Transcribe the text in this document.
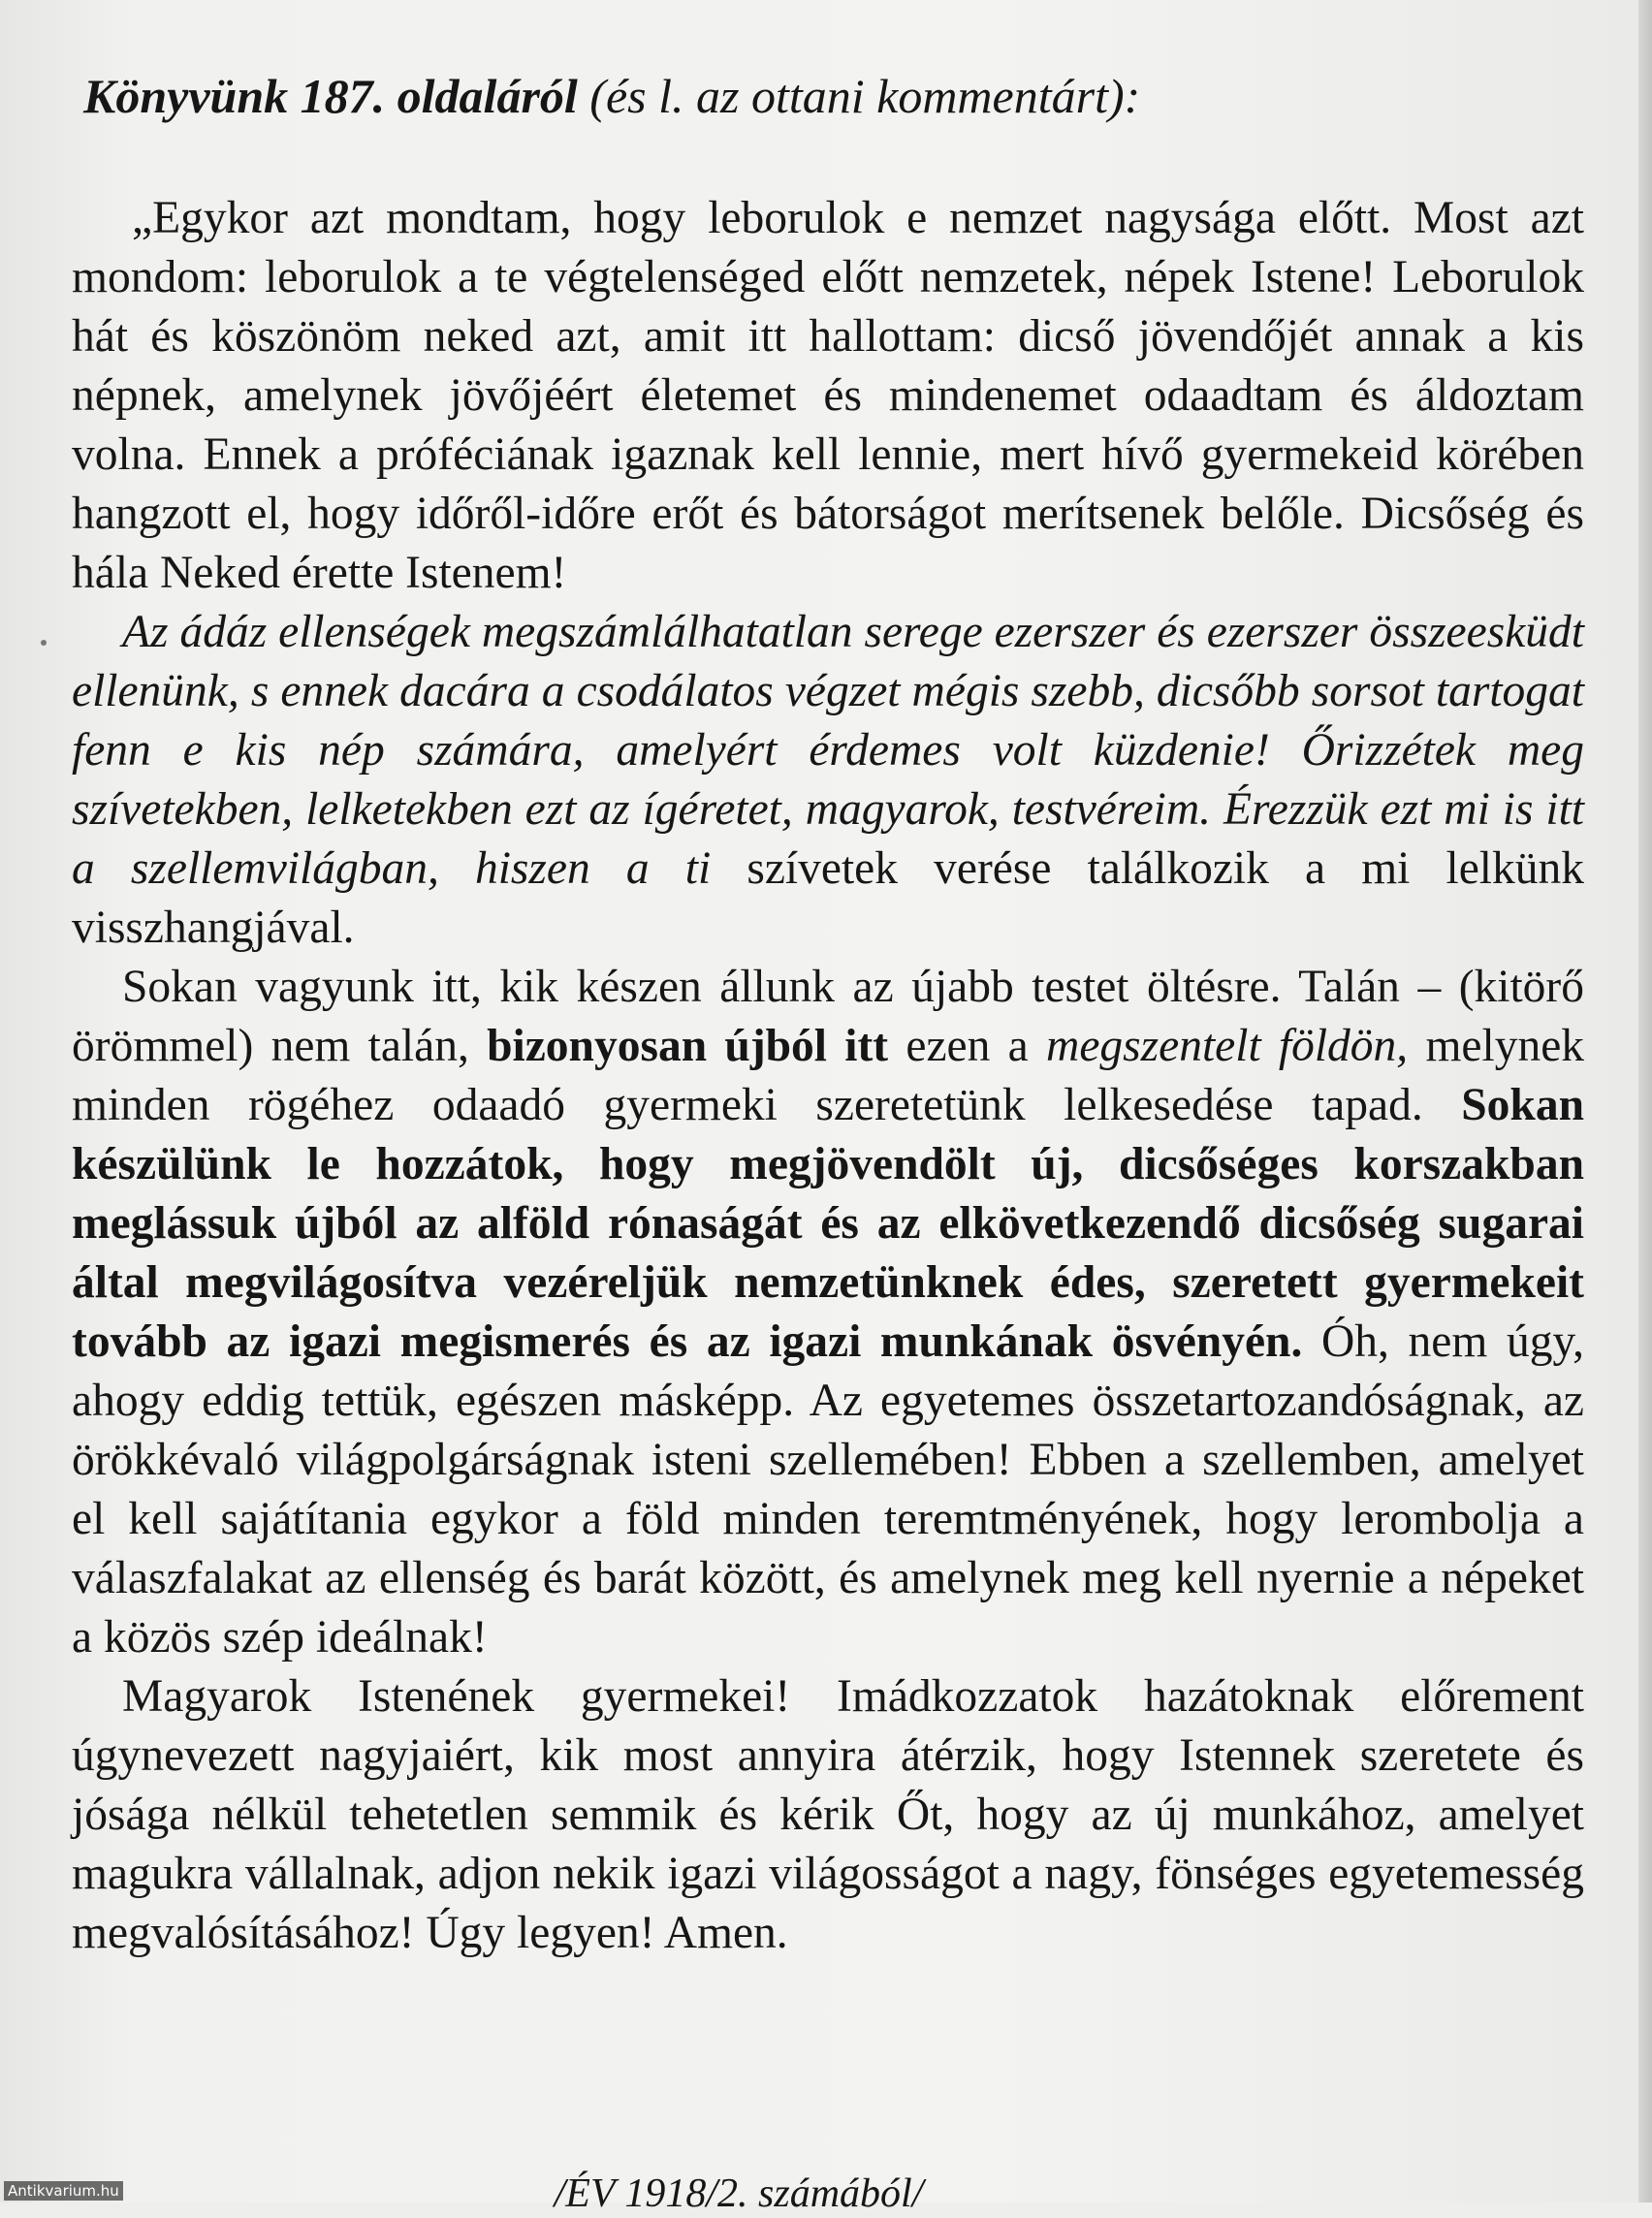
Könyvünk 187. oldaláról (és l. az ottani kommentárt):

„Egykor azt mondtam, hogy leborulok e nemzet nagysága előtt. Most azt mondom: leborulok a te végtelenséged előtt nemzetek, népek Istene! Leborulok hát és köszönöm neked azt, amit itt hallottam: dicső jövendőjét annak a kis népnek, amelynek jövőjéért életemet és mindenemet odaadtam és áldoztam volna. Ennek a próféciának igaznak kell lennie, mert hívő gyermekeid körében hangzott el, hogy időről-időre erőt és bátorságot merítsenek belőle. Dicsőség és hála Neked érette Istenem!

Az ádáz ellenségek megszámlálhatatlan serege ezerszer és ezerszer összeesküdt ellenünk, s ennek dacára a csodálatos végzet mégis szebb, dicsőbb sorsot tartogat fenn e kis nép számára, amelyért érdemes volt küzdenie! Őrizzétek meg szívetekben, lelketekben ezt az ígéretet, magyarok, testvéreim. Érezzük ezt mi is itt a szellemvilágban, hiszen a ti szívetek verése találkozik a mi lelkünk visszhangjával.

Sokan vagyunk itt, kik készen állunk az újabb testet öltésre. Talán – (kitörő örömmel) nem talán, bizonyosan újból itt ezen a megszentelt földön, melynek minden rögéhez odaadó gyermeki szeretetünk lelkesedése tapad. Sokan készülünk le hozzátok, hogy megjövendölt új, dicsőséges korszakban meglássuk újból az alföld rónaságát és az elkövetkezendő dicsőség sugarai által megvilágosítva vezéreljük nemzetünknek édes, szeretett gyermekeit tovább az igazi megismerés és az igazi munkának ösvényén. Óh, nem úgy, ahogy eddig tettük, egészen másképp. Az egyetemes összetartozandóságnak, az örökkévaló világpolgárságnak isteni szellemében! Ebben a szellemben, amelyet el kell sajátítania egykor a föld minden teremtményének, hogy lerombolja a válaszfalakat az ellenség és barát között, és amelynek meg kell nyernie a népeket a közös szép ideálnak!

Magyarok Istenének gyermekei! Imádkozzatok hazátoknak előrement úgynevezett nagyjaiért, kik most annyira átérzik, hogy Istennek szeretete és jósága nélkül tehetetlen semmik és kérik Őt, hogy az új munkához, amelyet magukra vállalnak, adjon nekik igazi világosságot a nagy, fönséges egyetemesség megvalósításához! Úgy legyen! Amen.

/ÉV 1918/2. számából/
Antikvarium.hu
